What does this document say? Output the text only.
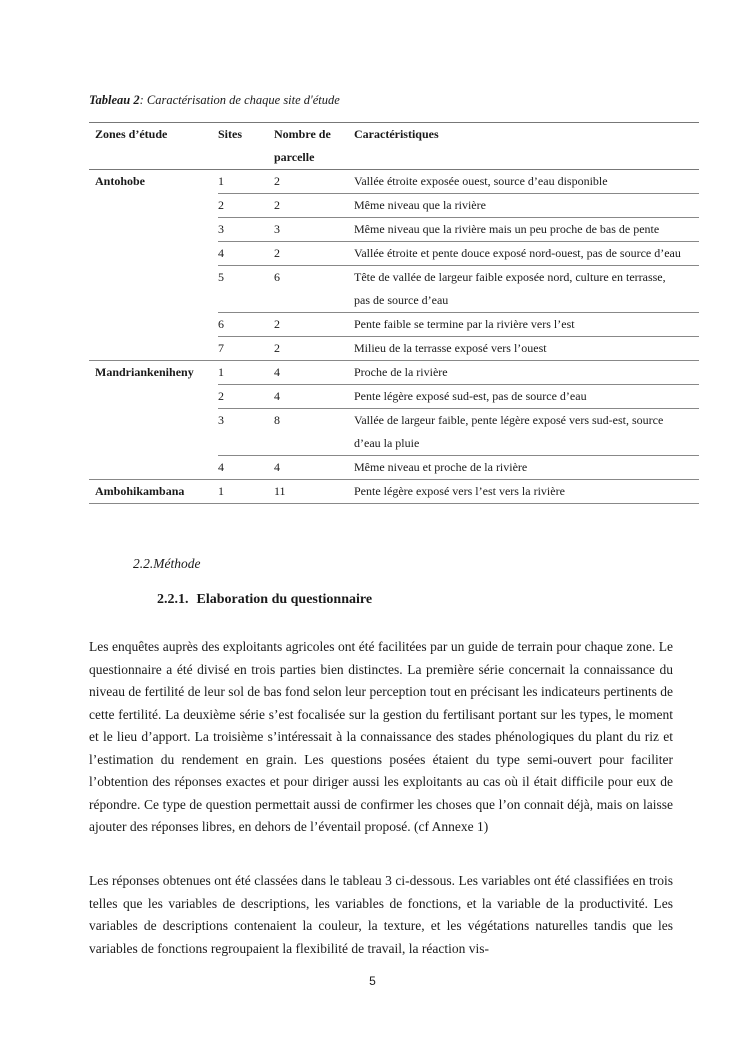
Tableau 2: Caractérisation de chaque site d'étude
Zones d’étude	Sites	Nombre de parcelle	Caractéristiques
Antohobe	1	2	Vallée étroite exposée ouest, source d’eau disponible
	2	2	Même niveau que la rivière
	3	3	Même niveau que la rivière mais un peu proche de bas de pente
	4	2	Vallée étroite et pente douce exposé nord-ouest, pas de source d’eau
	5	6	Tête de vallée de largeur faible exposée nord, culture en terrasse, pas de source d’eau
	6	2	Pente faible se termine par la rivière vers l’est
	7	2	Milieu de la terrasse exposé vers l’ouest
Mandriankeniheny	1	4	Proche de la rivière
	2	4	Pente légère exposé sud-est, pas de source d’eau
	3	8	Vallée de largeur faible, pente légère exposé vers sud-est, source d’eau la pluie
	4	4	Même niveau et proche de la rivière
Ambohikambana	1	11	Pente légère exposé vers l’est vers la rivière
2.2.Méthode
2.2.1. Elaboration du questionnaire

Les enquêtes auprès des exploitants agricoles ont été facilitées par un guide de terrain pour chaque zone. Le questionnaire a été divisé en trois parties bien distinctes. La première série concernait la connaissance du niveau de fertilité de leur sol de bas fond selon leur perception tout en précisant les indicateurs pertinents de cette fertilité. La deuxième série s’est focalisée sur la gestion du fertilisant portant sur les types, le moment et le lieu d’apport. La troisième s’intéressait à la connaissance des stades phénologiques du plant du riz et l’estimation du rendement en grain. Les questions posées étaient du type semi-ouvert pour faciliter l’obtention des réponses exactes et pour diriger aussi les exploitants au cas où il était difficile pour eux de répondre. Ce type de question permettait aussi de confirmer les choses que l’on connait déjà, mais on laisse ajouter des réponses libres, en dehors de l’éventail proposé. (cf Annexe 1)

Les réponses obtenues ont été classées dans le tableau 3 ci-dessous. Les variables ont été classifiées en trois telles que les variables de descriptions, les variables de fonctions, et la variable de la productivité. Les variables de descriptions contenaient la couleur, la texture, et les végétations naturelles tandis que les variables de fonctions regroupaient la flexibilité de travail, la réaction vis-

5
